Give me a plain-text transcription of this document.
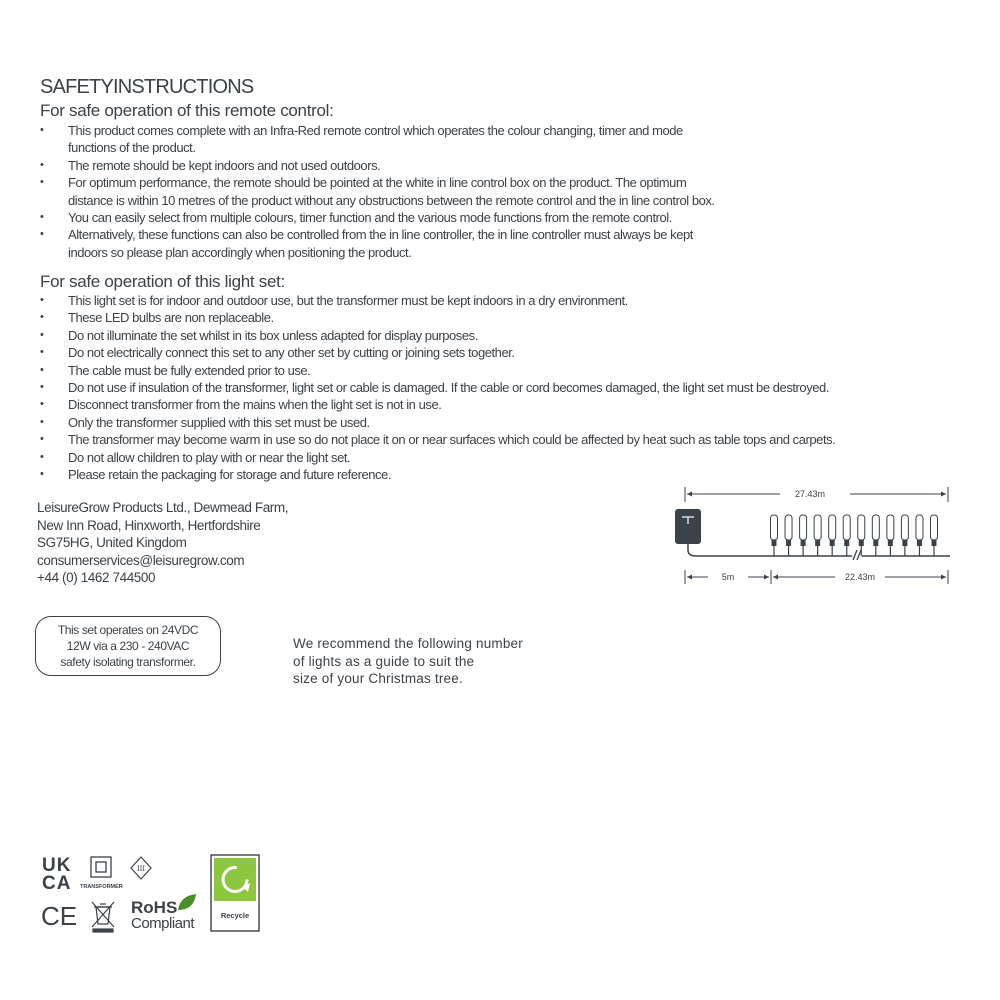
SAFETYINSTRUCTIONS
For safe operation of this remote control:
• This product comes complete with an Infra-Red remote control which operates the colour changing, timer and mode
functions of the product.
• The remote should be kept indoors and not used outdoors.
• For optimum performance, the remote should be pointed at the white in line control box on the product. The optimum
distance is within 10 metres of the product without any obstructions between the remote control and the in line control box.
• You can easily select from multiple colours, timer function and the various mode functions from the remote control.
• Alternatively, these functions can also be controlled from the in line controller, the in line controller must always be kept
indoors so please plan accordingly when positioning the product.
For safe operation of this light set:
• This light set is for indoor and outdoor use, but the transformer must be kept indoors in a dry environment.
• These LED bulbs are non replaceable.
• Do not illuminate the set whilst in its box unless adapted for display purposes.
• Do not electrically connect this set to any other set by cutting or joining sets together.
• The cable must be fully extended prior to use.
• Do not use if insulation of the transformer, light set or cable is damaged. If the cable or cord becomes damaged, the light set must be destroyed.
• Disconnect transformer from the mains when the light set is not in use.
• Only the transformer supplied with this set must be used.
• The transformer may become warm in use so do not place it on or near surfaces which could be affected by heat such as table tops and carpets.
• Do not allow children to play with or near the light set.
• Please retain the packaging for storage and future reference.
LeisureGrow Products Ltd., Dewmead Farm,
New Inn Road, Hinxworth, Hertfordshire
SG75HG, United Kingdom
consumerservices@leisuregrow.com
+44 (0) 1462 744500
This set operates on 24VDC
12W via a 230 - 240VAC
safety isolating transformer.
We recommend the following number
of lights as a guide to suit the
size of your Christmas tree.
27.43m
5m	22.43m
UK
CA TRANSFORMER
III
CE	RoHS
Compliant	Recycle
